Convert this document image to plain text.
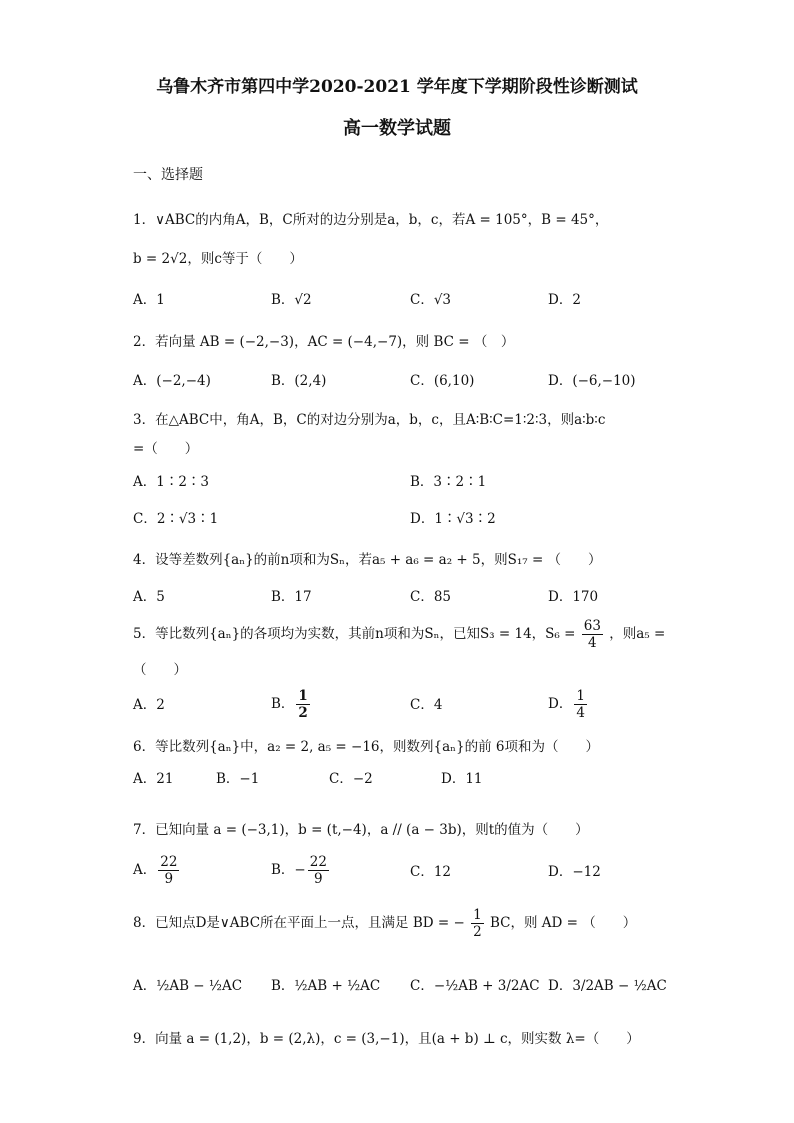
乌鲁木齐市第四中学2020-2021 学年度下学期阶段性诊断测试
高一数学试题
一、选择题
1．∨ABC的内角A，B，C所对的边分别是a，b，c，若A = 105°，B = 45°，
b = 2√2，则c等于（　　）
A．1	B．√2	C．√3	D．2
2．若向量 AB = (−2,−3)，AC = (−4,−7)，则 BC = （　）
A．(−2,−4)	B．(2,4)	C．(6,10)	D．(−6,−10)
3．在△ABC中，角A，B，C的对边分别为a，b，c，且A∶B∶C=1∶2∶3，则a∶b∶c
=（　　）
A．1∶2∶3	B．3∶2∶1
C．2∶√3∶1	D．1∶√3∶2
4．设等差数列{aₙ}的前n项和为Sₙ，若a₅ + a₆ = a₂ + 5，则S₁₇ = （　　）
A．5	B．17	C．85	D．170
5．等比数列{aₙ}的各项均为实数，其前n项和为Sₙ，已知S₃ = 14，$S_6 = \frac{63}{4}$ ，则a₅ =
（　　）
A．2	B． $\frac{1}{2}$	C．4	D． $\frac{1}{4}$
6．等比数列{aₙ}中，a₂ = 2, a₅ = −16，则数列{aₙ}的前 6项和为（　　）
A．21	B．−1	C．−2	D．11
7．已知向量 a = (−3,1)，b = (t,−4)，a // (a − 3b)，则t的值为（　　）
A． $\frac{22}{9}$	B．− $\frac{22}{9}$	C．12	D．−12
8．已知点D是∨ABC所在平面上一点，且满足 BD = − $\frac{1}{2}$ BC，则 AD = （　　）
A．½AB − ½AC B．½AB + ½AC C．−½AB + 3/2AC D．3/2AB − ½AC
9．向量 a = (1,2)，b = (2,λ)，c = (3,−1)，且(a + b) ⊥ c，则实数 λ=（　　）
